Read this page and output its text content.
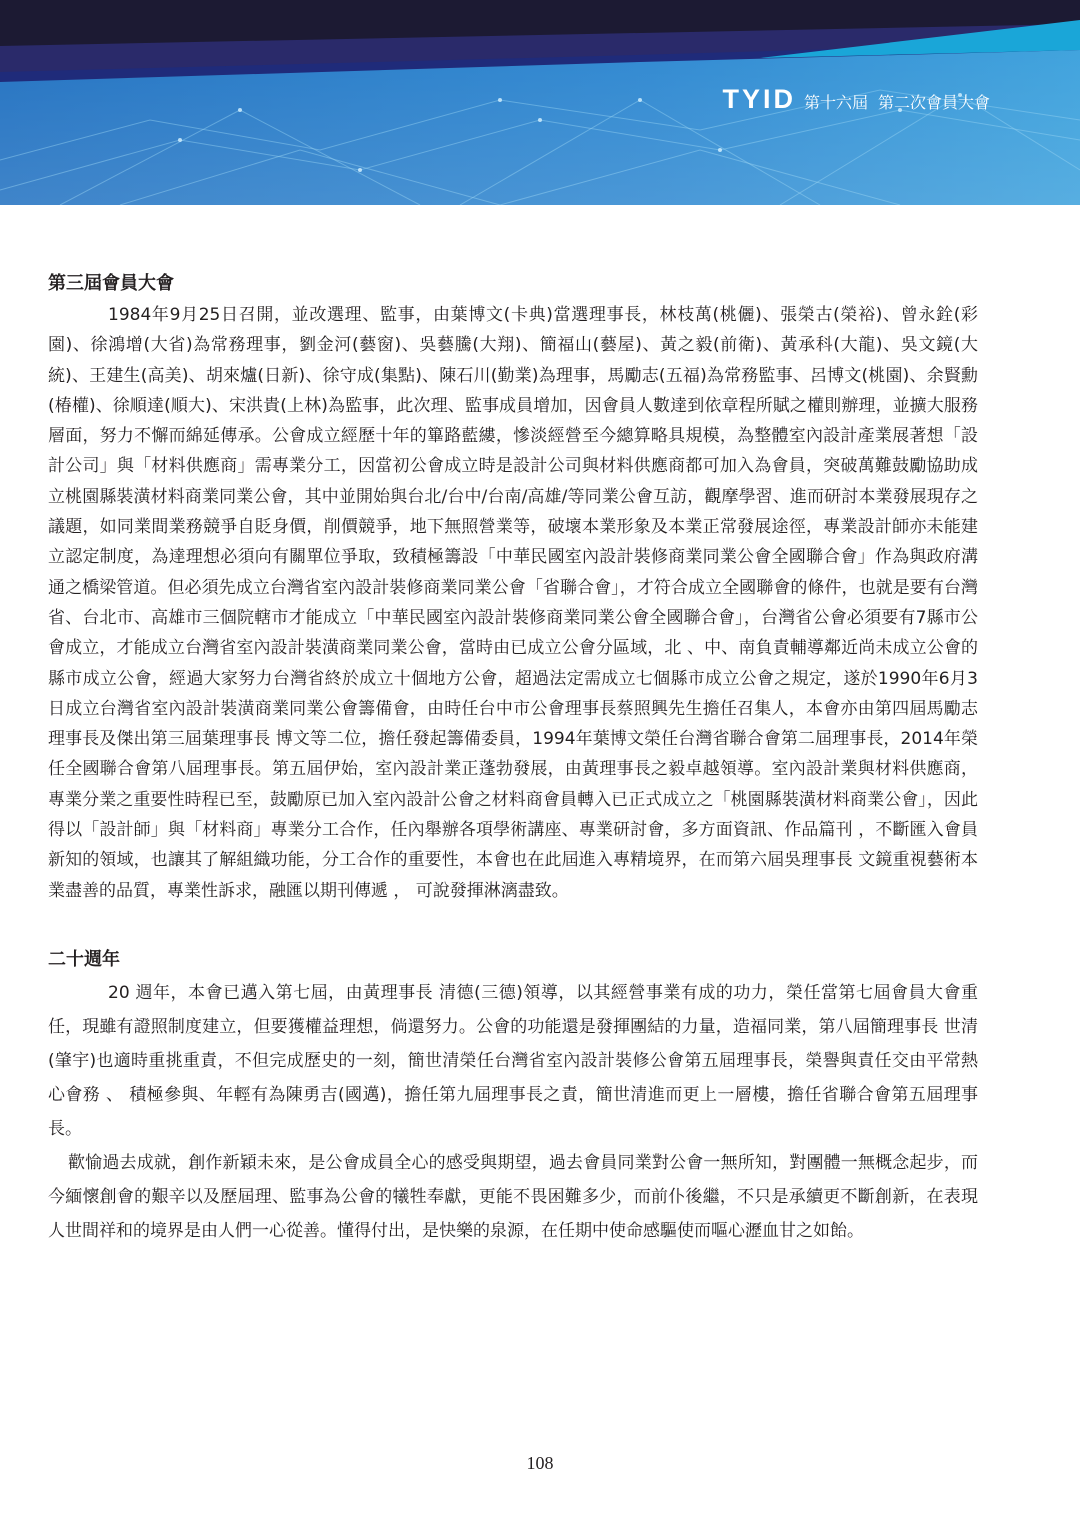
TYID 第十六屆 第二次會員大會
第三屆會員大會

1984年9月25日召開，並改選理、監事，由葉博文(卡典)當選理事長，林枝萬(桃儷)、張榮古(榮裕)、曾永銓(彩園)、徐鴻增(大省)為常務理事，劉金河(藝窗)、吳藝騰(大翔)、簡福山(藝屋)、黃之毅(前衛)、黃承科(大龍)、吳文鏡(大統)、王建生(高美)、胡來爐(日新)、徐守成(集點)、陳石川(勤業)為理事，馬勵志(五福)為常務監事、呂博文(桃園)、余賢勳(椿權)、徐順達(順大)、宋洪貴(上林)為監事，此次理、監事成員增加，因會員人數達到依章程所賦之權則辦理，並擴大服務層面，努力不懈而綿延傳承。公會成立經歷十年的篳路藍縷，慘淡經營至今總算略具規模，為整體室內設計產業展著想「設計公司」與「材料供應商」需專業分工，因當初公會成立時是設計公司與材料供應商都可加入為會員，突破萬難鼓勵協助成立桃園縣裝潢材料商業同業公會，其中並開始與台北/台中/台南/高雄/等同業公會互訪，觀摩學習、進而研討本業發展現存之議題，如同業間業務競爭自貶身價，削價競爭，地下無照營業等，破壞本業形象及本業正常發展途徑，專業設計師亦未能建立認定制度，為達理想必須向有關單位爭取，致積極籌設「中華民國室內設計裝修商業同業公會全國聯合會」作為與政府溝通之橋梁管道。但必須先成立台灣省室內設計裝修商業同業公會「省聯合會」，才符合成立全國聯會的條件，也就是要有台灣省、台北市、高雄市三個院轄市才能成立「中華民國室內設計裝修商業同業公會全國聯合會」，台灣省公會必須要有7縣市公會成立，才能成立台灣省室內設計裝潢商業同業公會，當時由已成立公會分區域，北 、中、南負責輔導鄰近尚未成立公會的縣市成立公會，經過大家努力台灣省終於成立十個地方公會，超過法定需成立七個縣市成立公會之規定，遂於1990年6月3日成立台灣省室內設計裝潢商業同業公會籌備會，由時任台中市公會理事長蔡照興先生擔任召集人，本會亦由第四屆馬勵志理事長及傑出第三屆葉理事長 博文等二位，擔任發起籌備委員，1994年葉博文榮任台灣省聯合會第二屆理事長，2014年榮任全國聯合會第八屆理事長。第五屆伊始，室內設計業正蓬勃發展，由黃理事長之毅卓越領導。室內設計業與材料供應商，專業分業之重要性時程已至，鼓勵原已加入室內設計公會之材料商會員轉入已正式成立之「桃園縣裝潢材料商業公會」，因此得以「設計師」與「材料商」專業分工合作，任內舉辦各項學術講座、專業研討會，多方面資訊、作品篇刊 ，不斷匯入會員新知的領域，也讓其了解組織功能，分工合作的重要性，本會也在此屆進入專精境界，在而第六屆吳理事長 文鏡重視藝術本業盡善的品質，專業性訴求，融匯以期刊傳遞 ， 可說發揮淋漓盡致。

二十週年

20 週年，本會已邁入第七屆，由黃理事長 清德(三德)領導，以其經營事業有成的功力，榮任當第七屆會員大會重任，現雖有證照制度建立，但要獲權益理想，倘還努力。公會的功能還是發揮團結的力量，造福同業，第八屆簡理事長 世清(肇宇)也適時重挑重責，不但完成歷史的一刻，簡世清榮任台灣省室內設計裝修公會第五屆理事長，榮譽與責任交由平常熱心會務 、 積極參與、年輕有為陳勇吉(國邁)，擔任第九屆理事長之責，簡世清進而更上一層樓，擔任省聯合會第五屆理事長。

歡愉過去成就，創作新穎未來，是公會成員全心的感受與期望，過去會員同業對公會一無所知，對團體一無概念起步，而今緬懷創會的艱辛以及歷屆理、監事為公會的犧牲奉獻，更能不畏困難多少，而前仆後繼，不只是承續更不斷創新，在表現人世間祥和的境界是由人們一心從善。懂得付出，是快樂的泉源，在任期中使命感驅使而嘔心瀝血甘之如飴。

108
